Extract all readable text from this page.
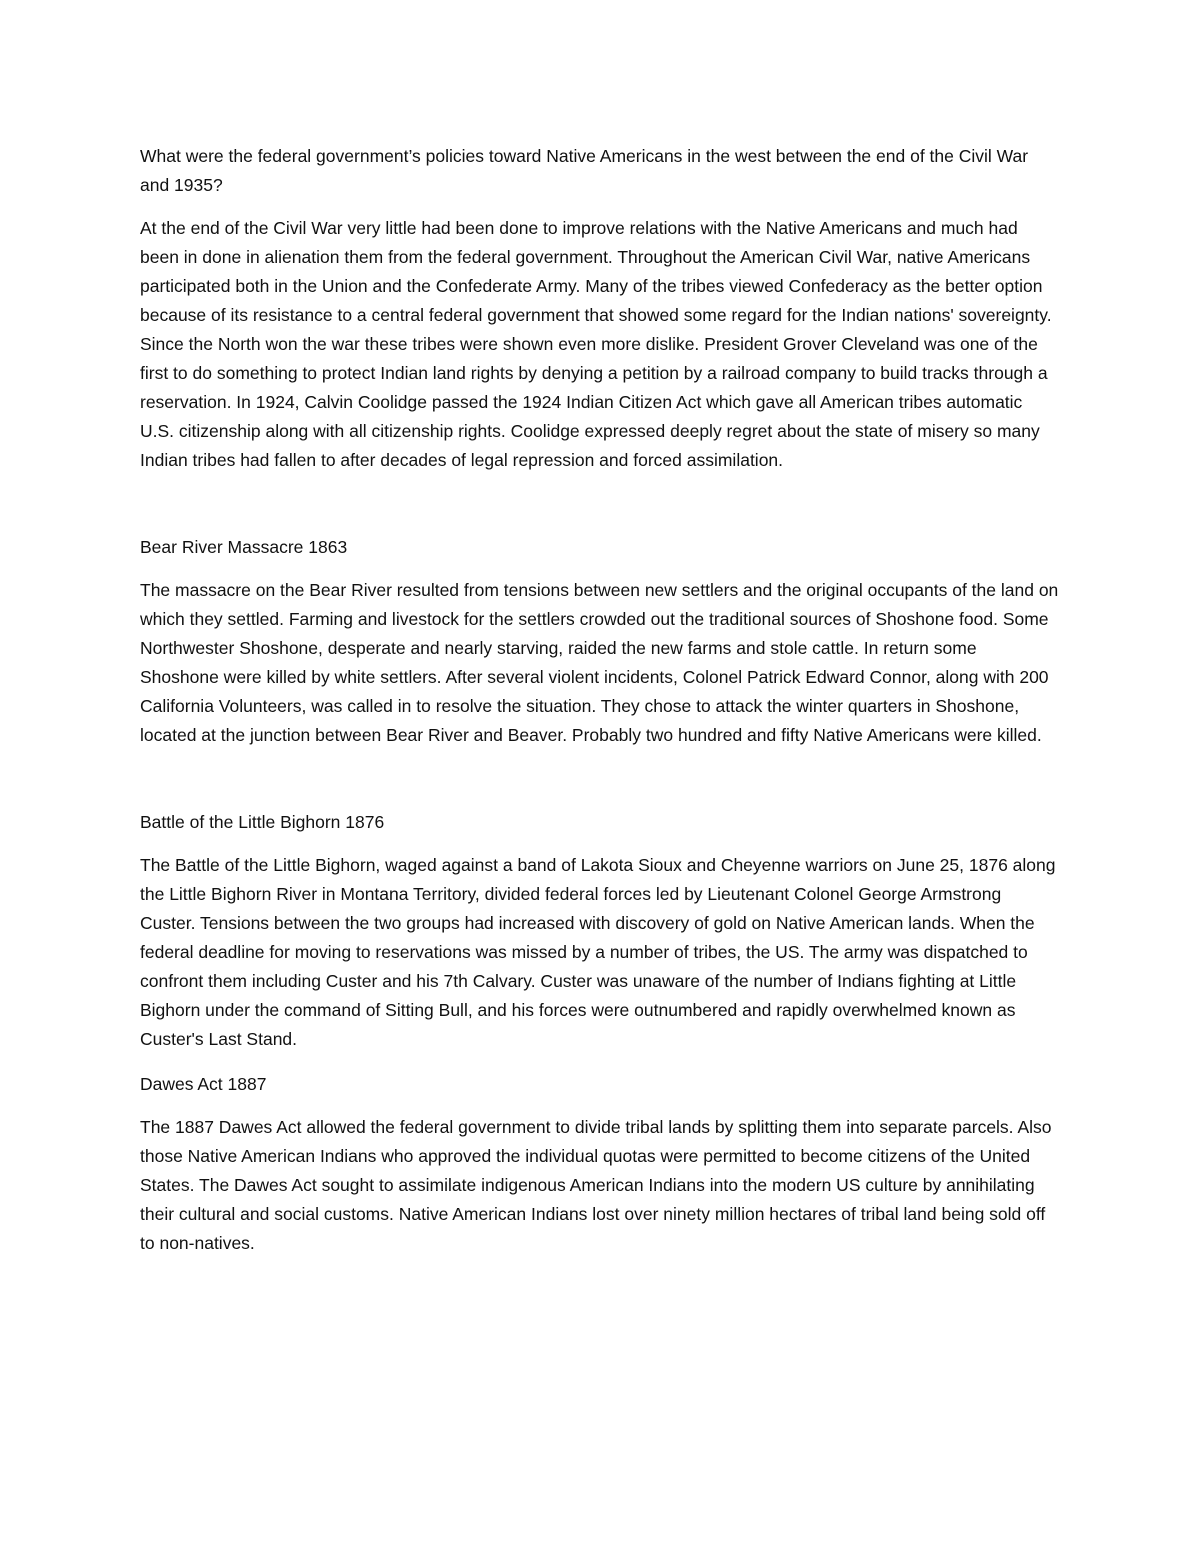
What were the federal government’s policies toward Native Americans in the west between the end of the Civil War and 1935?

At the end of the Civil War very little had been done to improve relations with the Native Americans and much had been in done in alienation them from the federal government. Throughout the American Civil War, native Americans participated both in the Union and the Confederate Army. Many of the tribes viewed Confederacy as the better option because of its resistance to a central federal government that showed some regard for the Indian nations' sovereignty. Since the North won the war these tribes were shown even more dislike. President Grover Cleveland was one of the first to do something to protect Indian land rights by denying a petition by a railroad company to build tracks through a reservation. In 1924, Calvin Coolidge passed the 1924 Indian Citizen Act which gave all American tribes automatic U.S. citizenship along with all citizenship rights. Coolidge expressed deeply regret about the state of misery so many Indian tribes had fallen to after decades of legal repression and forced assimilation.

Bear River Massacre 1863

The massacre on the Bear River resulted from tensions between new settlers and the original occupants of the land on which they settled. Farming and livestock for the settlers crowded out the traditional sources of Shoshone food. Some Northwester Shoshone, desperate and nearly starving, raided the new farms and stole cattle. In return some Shoshone were killed by white settlers. After several violent incidents, Colonel Patrick Edward Connor, along with 200 California Volunteers, was called in to resolve the situation. They chose to attack the winter quarters in Shoshone, located at the junction between Bear River and Beaver. Probably two hundred and fifty Native Americans were killed.

Battle of the Little Bighorn 1876

The Battle of the Little Bighorn, waged against a band of Lakota Sioux and Cheyenne warriors on June 25, 1876 along the Little Bighorn River in Montana Territory, divided federal forces led by Lieutenant Colonel George Armstrong Custer. Tensions between the two groups had increased with discovery of gold on Native American lands. When the federal deadline for moving to reservations was missed by a number of tribes, the US. The army was dispatched to confront them including Custer and his 7th Calvary. Custer was unaware of the number of Indians fighting at Little Bighorn under the command of Sitting Bull, and his forces were outnumbered and rapidly overwhelmed known as Custer's Last Stand.

Dawes Act 1887

The 1887 Dawes Act allowed the federal government to divide tribal lands by splitting them into separate parcels. Also those Native American Indians who approved the individual quotas were permitted to become citizens of the United States. The Dawes Act sought to assimilate indigenous American Indians into the modern US culture by annihilating their cultural and social customs. Native American Indians lost over ninety million hectares of tribal land being sold off to non-natives.
